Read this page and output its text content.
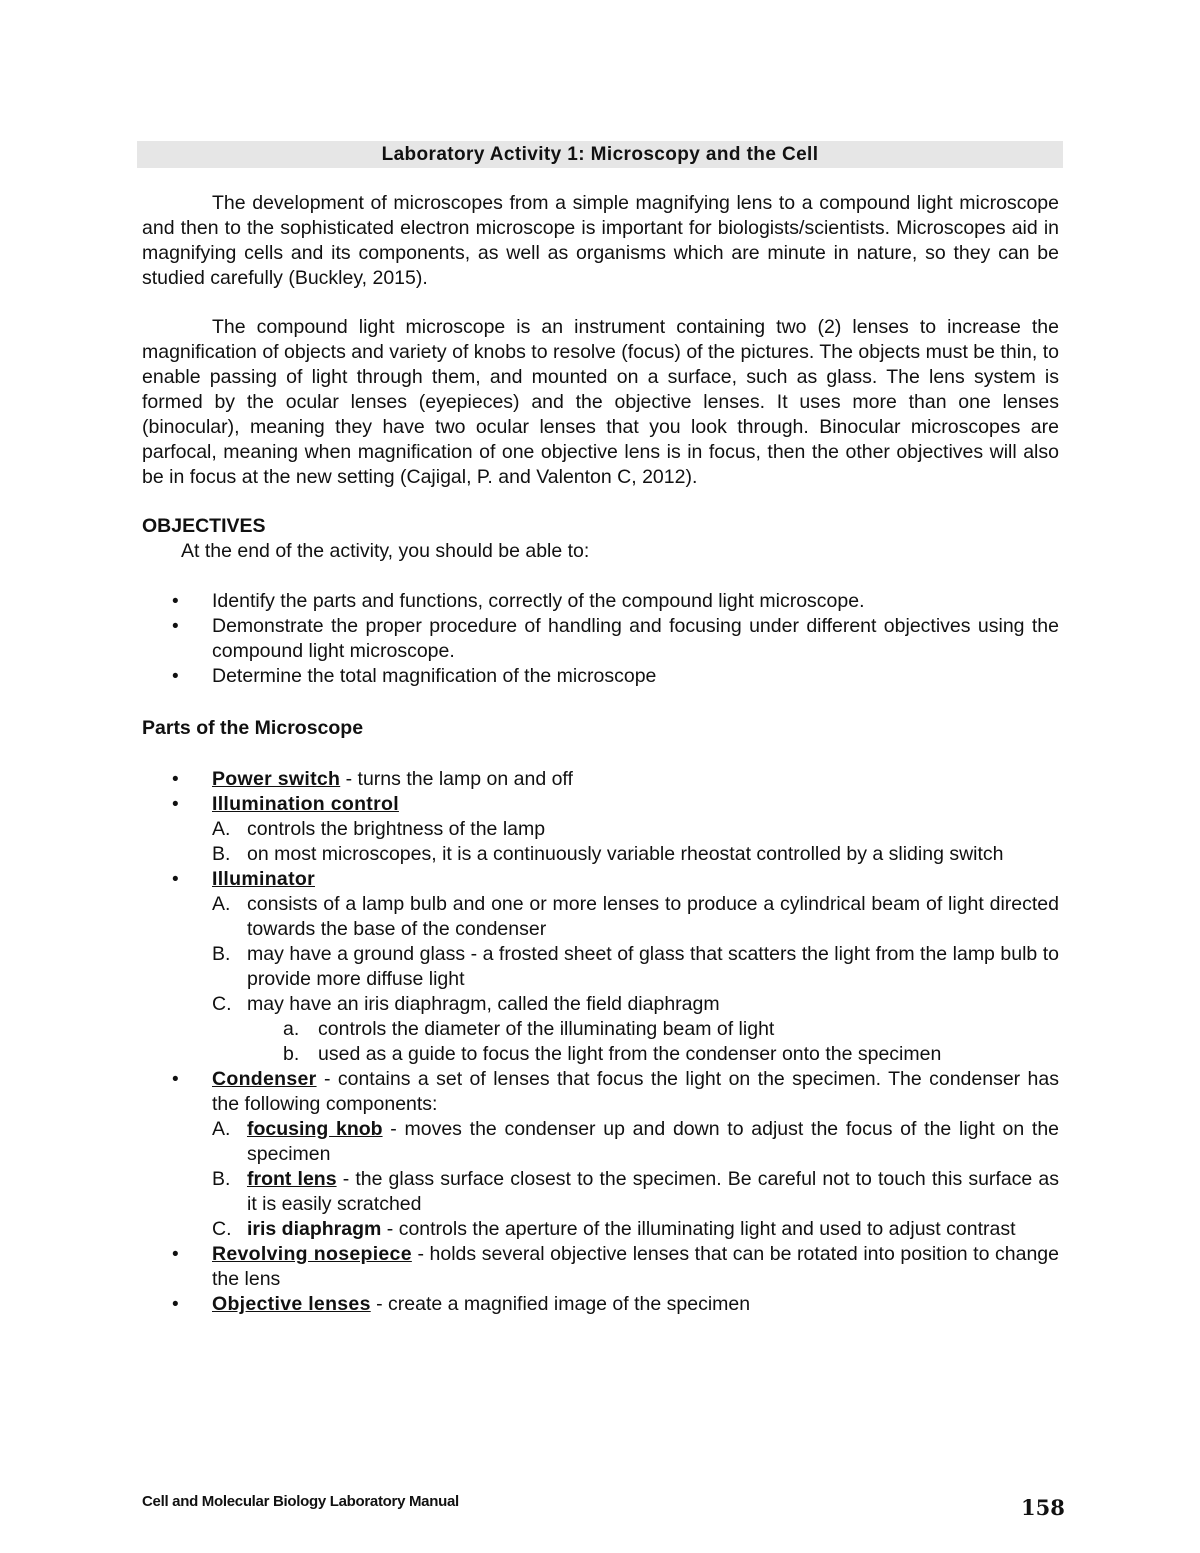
Laboratory Activity 1: Microscopy and the Cell

The development of microscopes from a simple magnifying lens to a compound light microscope and then to the sophisticated electron microscope is important for biologists/scientists. Microscopes aid in magnifying cells and its components, as well as organisms which are minute in nature, so they can be studied carefully (Buckley, 2015).

The compound light microscope is an instrument containing two (2) lenses to increase the magnification of objects and variety of knobs to resolve (focus) of the pictures. The objects must be thin, to enable passing of light through them, and mounted on a surface, such as glass. The lens system is formed by the ocular lenses (eyepieces) and the objective lenses. It uses more than one lenses (binocular), meaning they have two ocular lenses that you look through. Binocular microscopes are parfocal, meaning when magnification of one objective lens is in focus, then the other objectives will also be in focus at the new setting (Cajigal, P. and Valenton C, 2012).

OBJECTIVES

At the end of the activity, you should be able to:

• Identify the parts and functions, correctly of the compound light microscope.
• Demonstrate the proper procedure of handling and focusing under different objectives using the compound light microscope.
• Determine the total magnification of the microscope

Parts of the Microscope

• Power switch - turns the lamp on and off
• Illumination control
A. controls the brightness of the lamp
B. on most microscopes, it is a continuously variable rheostat controlled by a sliding switch
• Illuminator
A. consists of a lamp bulb and one or more lenses to produce a cylindrical beam of light directed towards the base of the condenser
B. may have a ground glass - a frosted sheet of glass that scatters the light from the lamp bulb to provide more diffuse light
C. may have an iris diaphragm, called the field diaphragm
a. controls the diameter of the illuminating beam of light
b. used as a guide to focus the light from the condenser onto the specimen
• Condenser - contains a set of lenses that focus the light on the specimen. The condenser has the following components:
A. focusing knob - moves the condenser up and down to adjust the focus of the light on the specimen
B. front lens - the glass surface closest to the specimen. Be careful not to touch this surface as it is easily scratched
C. iris diaphragm - controls the aperture of the illuminating light and used to adjust contrast
• Revolving nosepiece - holds several objective lenses that can be rotated into position to change the lens
• Objective lenses - create a magnified image of the specimen
Cell and Molecular Biology Laboratory Manual	158
